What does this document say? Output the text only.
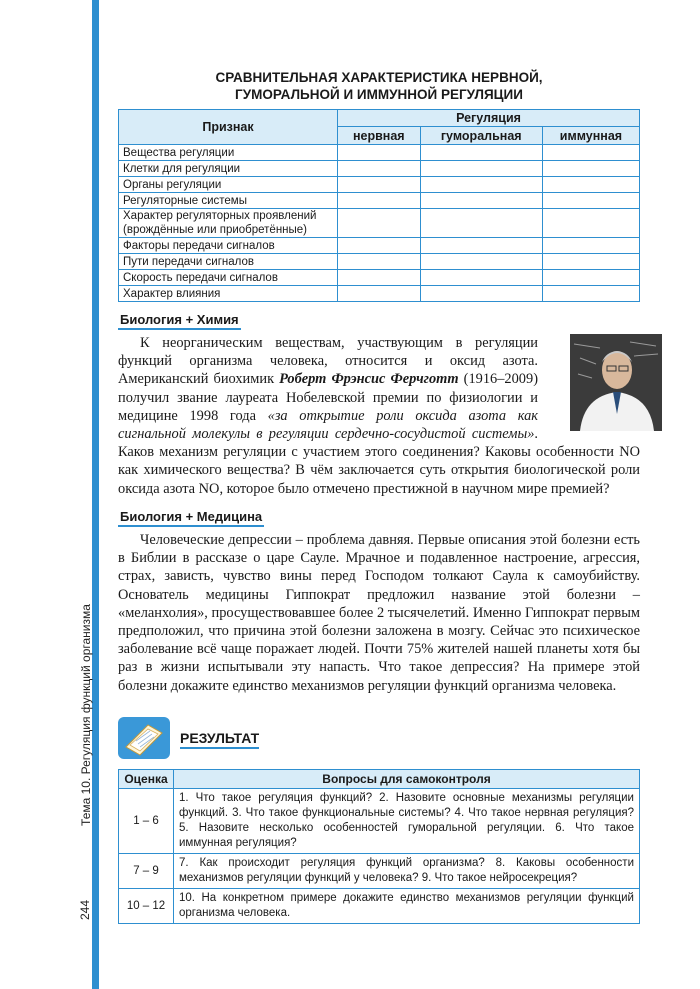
Тема 10. Регуляция функций организма
244
СРАВНИТЕЛЬНАЯ ХАРАКТЕРИСТИКА НЕРВНОЙ,
ГУМОРАЛЬНОЙ И ИММУННОЙ РЕГУЛЯЦИИ
Признак	Регуляция		
	нервная	гуморальная	иммунная
Вещества регуляции			
Клетки для регуляции			
Органы регуляции			
Регуляторные системы			
Характер регуляторных проявлений (врождённые или приобретённые)			
Факторы передачи сигналов			
Пути передачи сигналов			
Скорость передачи сигналов			
Характер влияния			
Биология + Химия
К неорганическим веществам, участвующим в регуляции функций организма человека, относится и оксид азота. Американский биохимик Роберт Фрэнсис Ферчготт (1916–2009) получил звание лауреата Нобелевской премии по физиологии и медицине 1998 года «за открытие роли оксида азота как сигнальной молекулы в регуляции сердечно-сосудистой системы». Каков механизм регуляции с участием этого соединения? Каковы особенности NO как химического вещества? В чём заключается суть открытия биологической роли оксида азота NO, которое было отмечено престижной в научном мире премией?
Биология + Медицина
Человеческие депрессии – проблема давняя. Первые описания этой болезни есть в Библии в рассказе о царе Сауле. Мрачное и подавленное настроение, агрессия, страх, зависть, чувство вины перед Господом толкают Саула к самоубийству. Основатель медицины Гиппократ предложил название этой болезни – «меланхолия», просуществовавшее более 2 тысячелетий. Именно Гиппократ первым предположил, что причина этой болезни заложена в мозгу. Сейчас это психическое заболевание всё чаще поражает людей. Почти 75% жителей нашей планеты хотя бы раз в жизни испытывали эту напасть. Что такое депрессия? На примере этой болезни докажите единство механизмов регуляции функций организма человека.
РЕЗУЛЬТАТ
Оценка	Вопросы для самоконтроля
1 – 6	1. Что такое регуляция функций? 2. Назовите основные механизмы регуляции функций. 3. Что такое функциональные системы? 4. Что такое нервная регуляция? 5. Назовите несколько особенностей гуморальной регуляции. 6. Что такое иммунная регуляция?
7 – 9	7. Как происходит регуляция функций организма? 8. Каковы особенности механизмов регуляции функций у человека? 9. Что такое нейросекреция?
10 – 12	10. На конкретном примере докажите единство механизмов регуляции функций организма человека.
